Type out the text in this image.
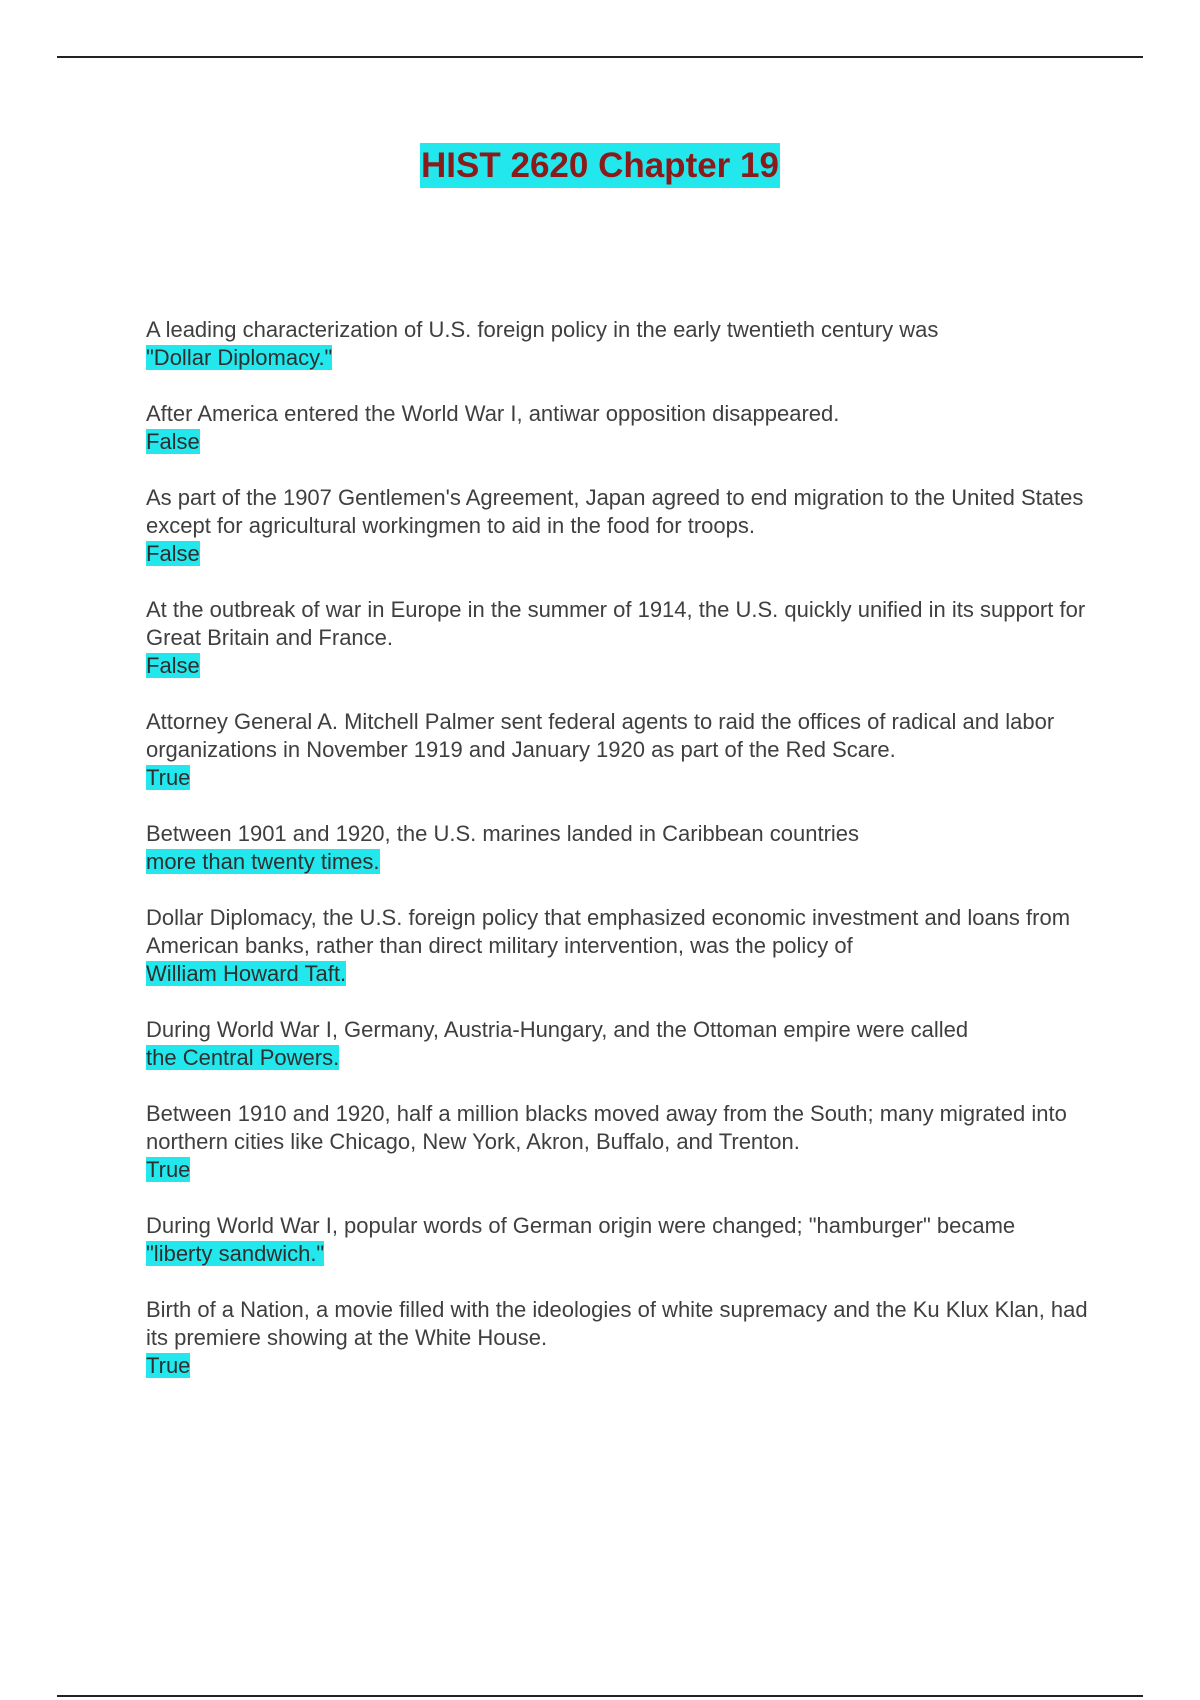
HIST 2620 Chapter 19
A leading characterization of U.S. foreign policy in the early twentieth century was
"Dollar Diplomacy."
After America entered the World War I, antiwar opposition disappeared.
False
As part of the 1907 Gentlemen's Agreement, Japan agreed to end migration to the United States except for agricultural workingmen to aid in the food for troops.
False
At the outbreak of war in Europe in the summer of 1914, the U.S. quickly unified in its support for Great Britain and France.
False
Attorney General A. Mitchell Palmer sent federal agents to raid the offices of radical and labor organizations in November 1919 and January 1920 as part of the Red Scare.
True
Between 1901 and 1920, the U.S. marines landed in Caribbean countries
more than twenty times.
Dollar Diplomacy, the U.S. foreign policy that emphasized economic investment and loans from American banks, rather than direct military intervention, was the policy of
William Howard Taft.
During World War I, Germany, Austria-Hungary, and the Ottoman empire were called
the Central Powers.
Between 1910 and 1920, half a million blacks moved away from the South; many migrated into northern cities like Chicago, New York, Akron, Buffalo, and Trenton.
True
During World War I, popular words of German origin were changed; "hamburger" became
"liberty sandwich."
Birth of a Nation, a movie filled with the ideologies of white supremacy and the Ku Klux Klan, had its premiere showing at the White House.
True
